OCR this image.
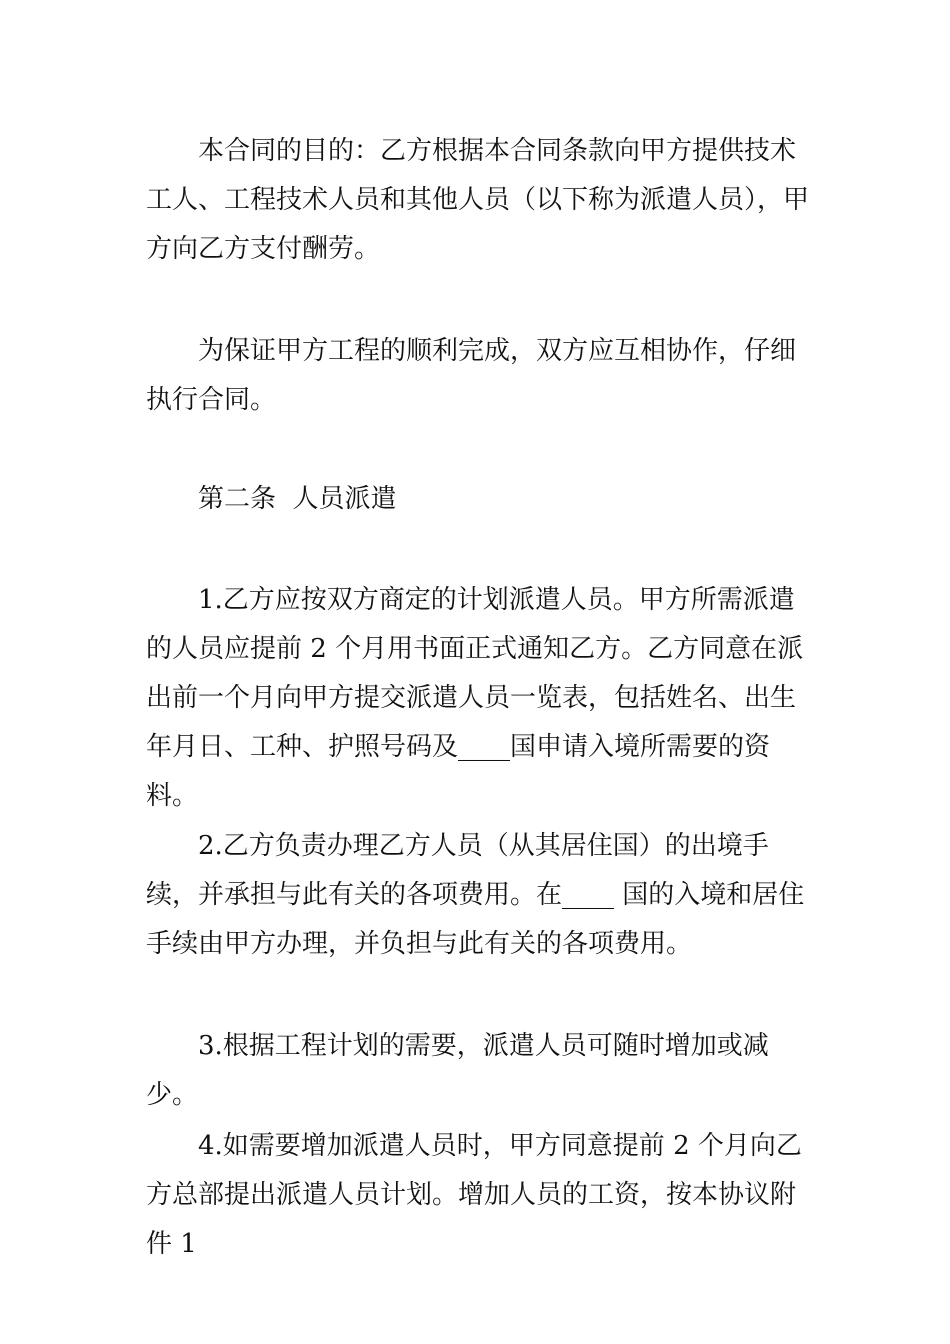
本合同的目的：乙方根据本合同条款向甲方提供技术工人、工程技术人员和其他人员（以下称为派遣人员），甲方向乙方支付酬劳。

为保证甲方工程的顺利完成，双方应互相协作，仔细执行合同。

第二条  人员派遣

1.乙方应按双方商定的计划派遣人员。甲方所需派遣的人员应提前 2 个月用书面正式通知乙方。乙方同意在派出前一个月向甲方提交派遣人员一览表，包括姓名、出生年月日、工种、护照号码及____国申请入境所需要的资料。

2.乙方负责办理乙方人员（从其居住国）的出境手续，并承担与此有关的各项费用。在____ 国的入境和居住手续由甲方办理，并负担与此有关的各项费用。

3.根据工程计划的需要，派遣人员可随时增加或减少。

4.如需要增加派遣人员时，甲方同意提前 2 个月向乙方总部提出派遣人员计划。增加人员的工资，按本协议附件 1
